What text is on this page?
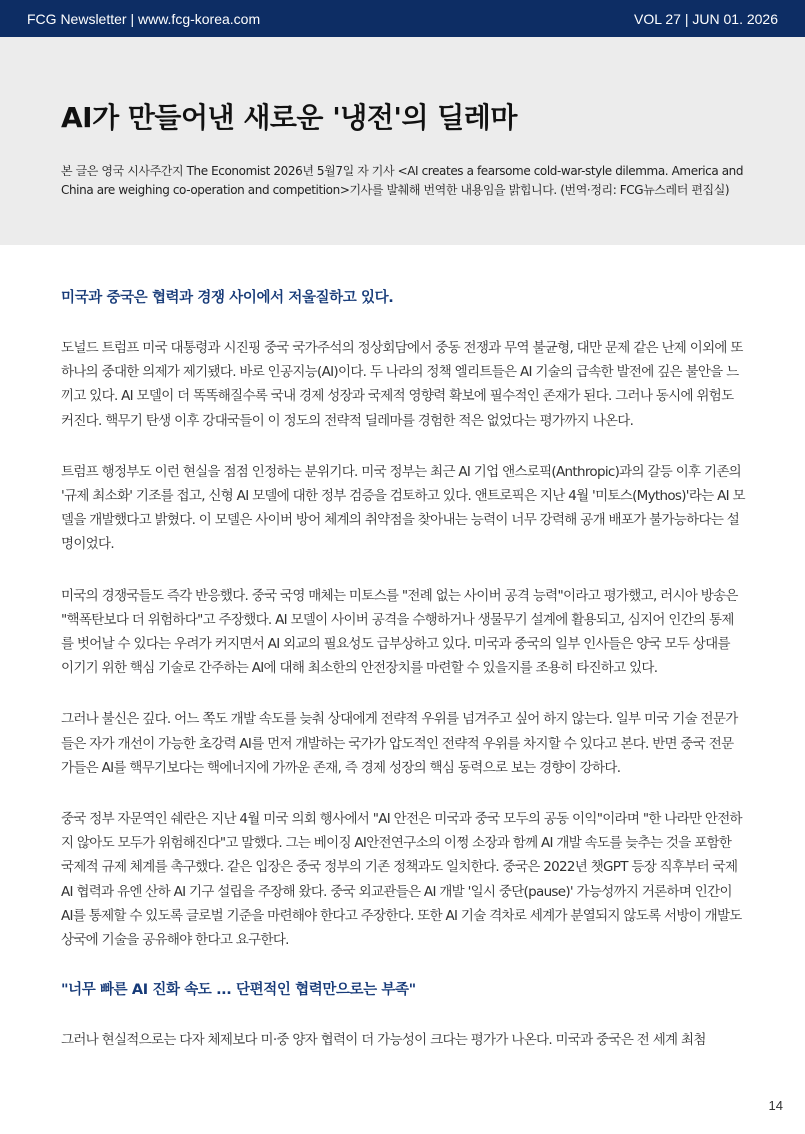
FCG Newsletter | www.fcg-korea.com	VOL 27 | JUN 01. 2026
AI가 만들어낸 새로운 '냉전'의 딜레마

본 글은 영국 시사주간지 The Economist 2026년 5월7일 자 기사 <AI creates a fearsome cold-war-style dilemma. America and China are weighing co-operation and competition>기사를 발췌해 번역한 내용임을 밝힙니다. (번역·정리: FCG뉴스레터 편집실)

미국과 중국은 협력과 경쟁 사이에서 저울질하고 있다.

도널드 트럼프 미국 대통령과 시진핑 중국 국가주석의 정상회담에서 중동 전쟁과 무역 불균형, 대만 문제 같은 난제 이외에 또 하나의 중대한 의제가 제기됐다. 바로 인공지능(AI)이다. 두 나라의 정책 엘리트들은 AI 기술의 급속한 발전에 깊은 불안을 느끼고 있다. AI 모델이 더 똑똑해질수록 국내 경제 성장과 국제적 영향력 확보에 필수적인 존재가 된다. 그러나 동시에 위험도 커진다. 핵무기 탄생 이후 강대국들이 이 정도의 전략적 딜레마를 경험한 적은 없었다는 평가까지 나온다.

트럼프 행정부도 이런 현실을 점점 인정하는 분위기다. 미국 정부는 최근 AI 기업 앤스로픽(Anthropic)과의 갈등 이후 기존의 '규제 최소화' 기조를 접고, 신형 AI 모델에 대한 정부 검증을 검토하고 있다. 앤트로픽은 지난 4월 '미토스(Mythos)'라는 AI 모델을 개발했다고 밝혔다. 이 모델은 사이버 방어 체계의 취약점을 찾아내는 능력이 너무 강력해 공개 배포가 불가능하다는 설명이었다.

미국의 경쟁국들도 즉각 반응했다. 중국 국영 매체는 미토스를 "전례 없는 사이버 공격 능력"이라고 평가했고, 러시아 방송은 "핵폭탄보다 더 위험하다"고 주장했다. AI 모델이 사이버 공격을 수행하거나 생물무기 설계에 활용되고, 심지어 인간의 통제를 벗어날 수 있다는 우려가 커지면서 AI 외교의 필요성도 급부상하고 있다. 미국과 중국의 일부 인사들은 양국 모두 상대를 이기기 위한 핵심 기술로 간주하는 AI에 대해 최소한의 안전장치를 마련할 수 있을지를 조용히 타진하고 있다.

그러나 불신은 깊다. 어느 쪽도 개발 속도를 늦춰 상대에게 전략적 우위를 넘겨주고 싶어 하지 않는다. 일부 미국 기술 전문가들은 자가 개선이 가능한 초강력 AI를 먼저 개발하는 국가가 압도적인 전략적 우위를 차지할 수 있다고 본다. 반면 중국 전문가들은 AI를 핵무기보다는 핵에너지에 가까운 존재, 즉 경제 성장의 핵심 동력으로 보는 경향이 강하다.

중국 정부 자문역인 쉐란은 지난 4월 미국 의회 행사에서 "AI 안전은 미국과 중국 모두의 공동 이익"이라며 "한 나라만 안전하지 않아도 모두가 위험해진다"고 말했다. 그는 베이징 AI안전연구소의 이쩡 소장과 함께 AI 개발 속도를 늦추는 것을 포함한 국제적 규제 체계를 촉구했다. 같은 입장은 중국 정부의 기존 정책과도 일치한다. 중국은 2022년 챗GPT 등장 직후부터 국제 AI 협력과 유엔 산하 AI 기구 설립을 주장해 왔다. 중국 외교관들은 AI 개발 '일시 중단(pause)' 가능성까지 거론하며 인간이 AI를 통제할 수 있도록 글로벌 기준을 마련해야 한다고 주장한다. 또한 AI 기술 격차로 세계가 분열되지 않도록 서방이 개발도상국에 기술을 공유해야 한다고 요구한다.

"너무 빠른 AI 진화 속도 ... 단편적인 협력만으로는 부족"

그러나 현실적으로는 다자 체제보다 미·중 양자 협력이 더 가능성이 크다는 평가가 나온다. 미국과 중국은 전 세계 최첨

14
